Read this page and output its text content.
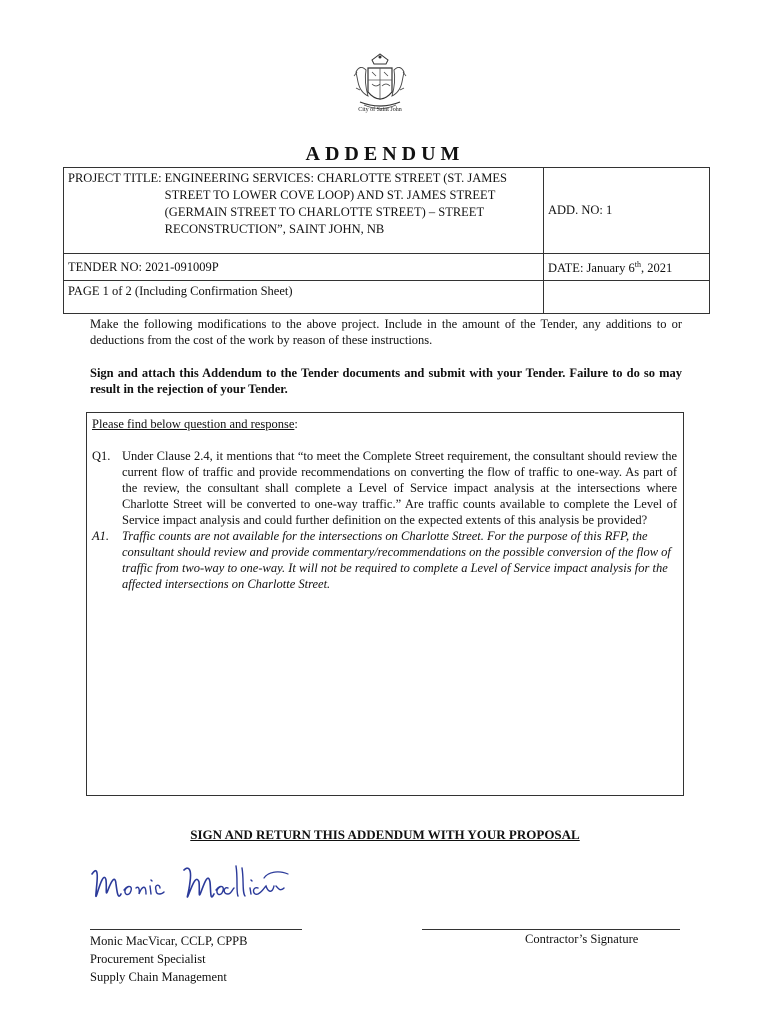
City of Saint John
ADDENDUM
PROJECT TITLE: ENGINEERING SERVICES: CHARLOTTE STREET (ST. JAMES STREET TO LOWER COVE LOOP) AND ST. JAMES STREET (GERMAIN STREET TO CHARLOTTE STREET) – STREET RECONSTRUCTION”, SAINT JOHN, NB	ADD. NO: 1
TENDER NO: 2021-091009P	DATE: January 6th, 2021
PAGE 1 of 2 (Including Confirmation Sheet)	
Make the following modifications to the above project. Include in the amount of the Tender, any additions to or deductions from the cost of the work by reason of these instructions.
Sign and attach this Addendum to the Tender documents and submit with your Tender. Failure to do so may result in the rejection of your Tender.
Please find below question and response:
Q1. Under Clause 2.4, it mentions that “to meet the Complete Street requirement, the consultant should review the current flow of traffic and provide recommendations on converting the flow of traffic to one-way. As part of the review, the consultant shall complete a Level of Service impact analysis at the intersections where Charlotte Street will be converted to one-way traffic.” Are traffic counts available to complete the Level of Service impact analysis and could further definition on the expected extents of this analysis be provided?
A1.	Traffic counts are not available for the intersections on Charlotte Street. For the purpose of this RFP, the consultant should review and provide commentary/recommendations on the possible conversion of the flow of traffic from two-way to one-way. It will not be required to complete a Level of Service impact analysis for the affected intersections on Charlotte Street.
SIGN AND RETURN THIS ADDENDUM WITH YOUR PROPOSAL
Monic MacVicar, CCLP, CPPB
Procurement Specialist
Supply Chain Management
Contractor’s Signature
